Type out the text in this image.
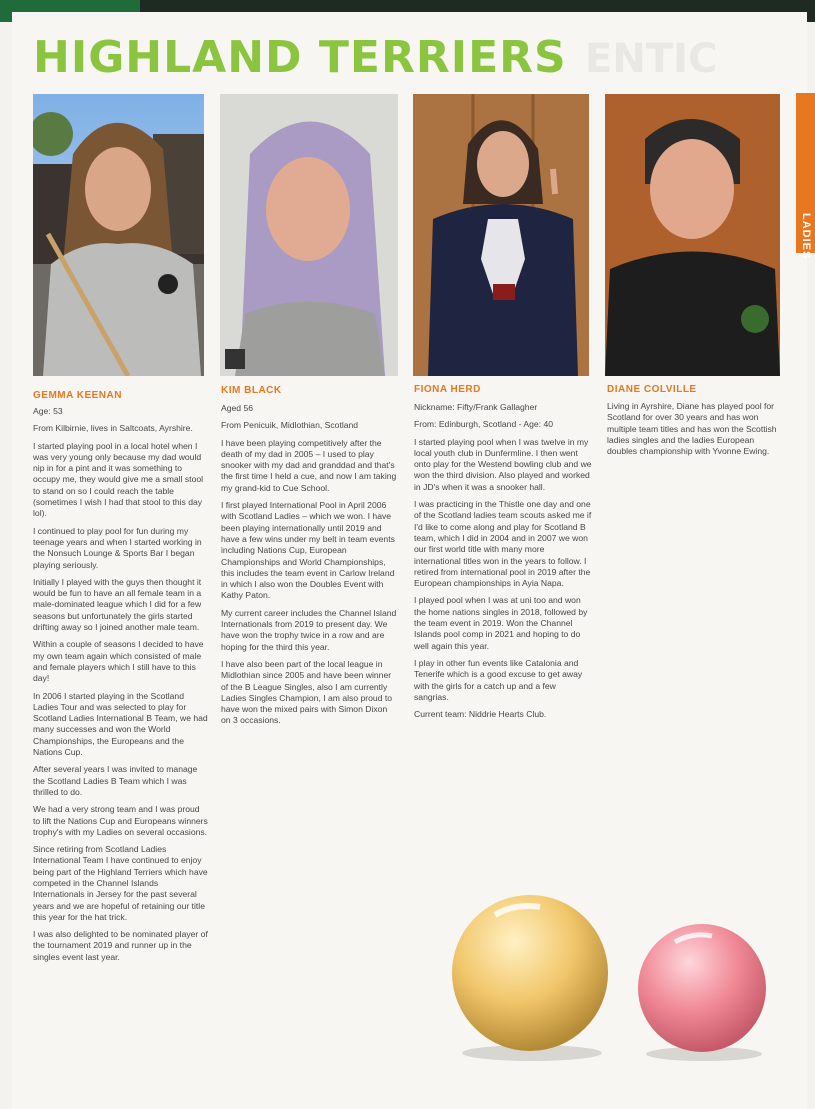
ENTIC
HIGHLAND TERRIERS
LADIES
GEMMA KEENAN	KIM BLACK	FIONA HERD	DIANE COLVILLE

Age: 53

From Kilbirnie, lives in Saltcoats, Ayrshire.

I started playing pool in a local hotel when I was very young only because my dad would nip in for a pint and it was something to occupy me, they would give me a small stool to stand on so I could reach the table (sometimes I wish I had that stool to this day lol).

I continued to play pool for fun during my teenage years and when I started working in the Nonsuch Lounge & Sports Bar I began playing seriously.

Initially I played with the guys then thought it would be fun to have an all female team in a male-dominated league which I did for a few seasons but unfortunately the girls started drifting away so I joined another male team.

Within a couple of seasons I decided to have my own team again which consisted of male and female players which I still have to this day!

In 2006 I started playing in the Scotland Ladies Tour and was selected to play for Scotland Ladies International B Team, we had many successes and won the World Championships, the Europeans and the Nations Cup.

After several years I was invited to manage the Scotland Ladies B Team which I was thrilled to do.

We had a very strong team and I was proud to lift the Nations Cup and Europeans winners trophy's with my Ladies on several occasions.

Since retiring from Scotland Ladies International Team I have continued to enjoy being part of the Highland Terriers which have competed in the Channel Islands Internationals in Jersey for the past several years and we are hopeful of retaining our title this year for the hat trick.

I was also delighted to be nominated player of the tournament 2019 and runner up in the singles event last year.

Aged 56

From Penicuik, Midlothian, Scotland

I have been playing competitively after the death of my dad in 2005 – I used to play snooker with my dad and granddad and that's the first time I held a cue, and now I am taking my grand-kid to Cue School.

I first played International Pool in April 2006 with Scotland Ladies – which we won. I have been playing internationally until 2019 and have a few wins under my belt in team events including Nations Cup, European Championships and World Championships, this includes the team event in Carlow Ireland in which I also won the Doubles Event with Kathy Paton.

My current career includes the Channel Island Internationals from 2019 to present day. We have won the trophy twice in a row and are hoping for the third this year.

I have also been part of the local league in Midlothian since 2005 and have been winner of the B League Singles, also I am currently Ladies Singles Champion, I am also proud to have won the mixed pairs with Simon Dixon on 3 occasions.

Nickname: Fifty/Frank Gallagher

From: Edinburgh, Scotland - Age: 40

I started playing pool when I was twelve in my local youth club in Dunfermline. I then went onto play for the Westend bowling club and we won the third division. Also played and worked in JD's when it was a snooker hall.

I was practicing in the Thistle one day and one of the Scotland ladies team scouts asked me if I'd like to come along and play for Scotland B team, which I did in 2004 and in 2007 we won our first world title with many more international titles won in the years to follow. I retired from international pool in 2019 after the European championships in Ayia Napa.

I played pool when I was at uni too and won the home nations singles in 2018, followed by the team event in 2019. Won the Channel Islands pool comp in 2021 and hoping to do well again this year.

I play in other fun events like Catalonia and Tenerife which is a good excuse to get away with the girls for a catch up and a few sangrias.

Current team: Niddrie Hearts Club.

Living in Ayrshire, Diane has played pool for Scotland for over 30 years and has won multiple team titles and has won the Scottish ladies singles and the ladies European doubles championship with Yvonne Ewing.
